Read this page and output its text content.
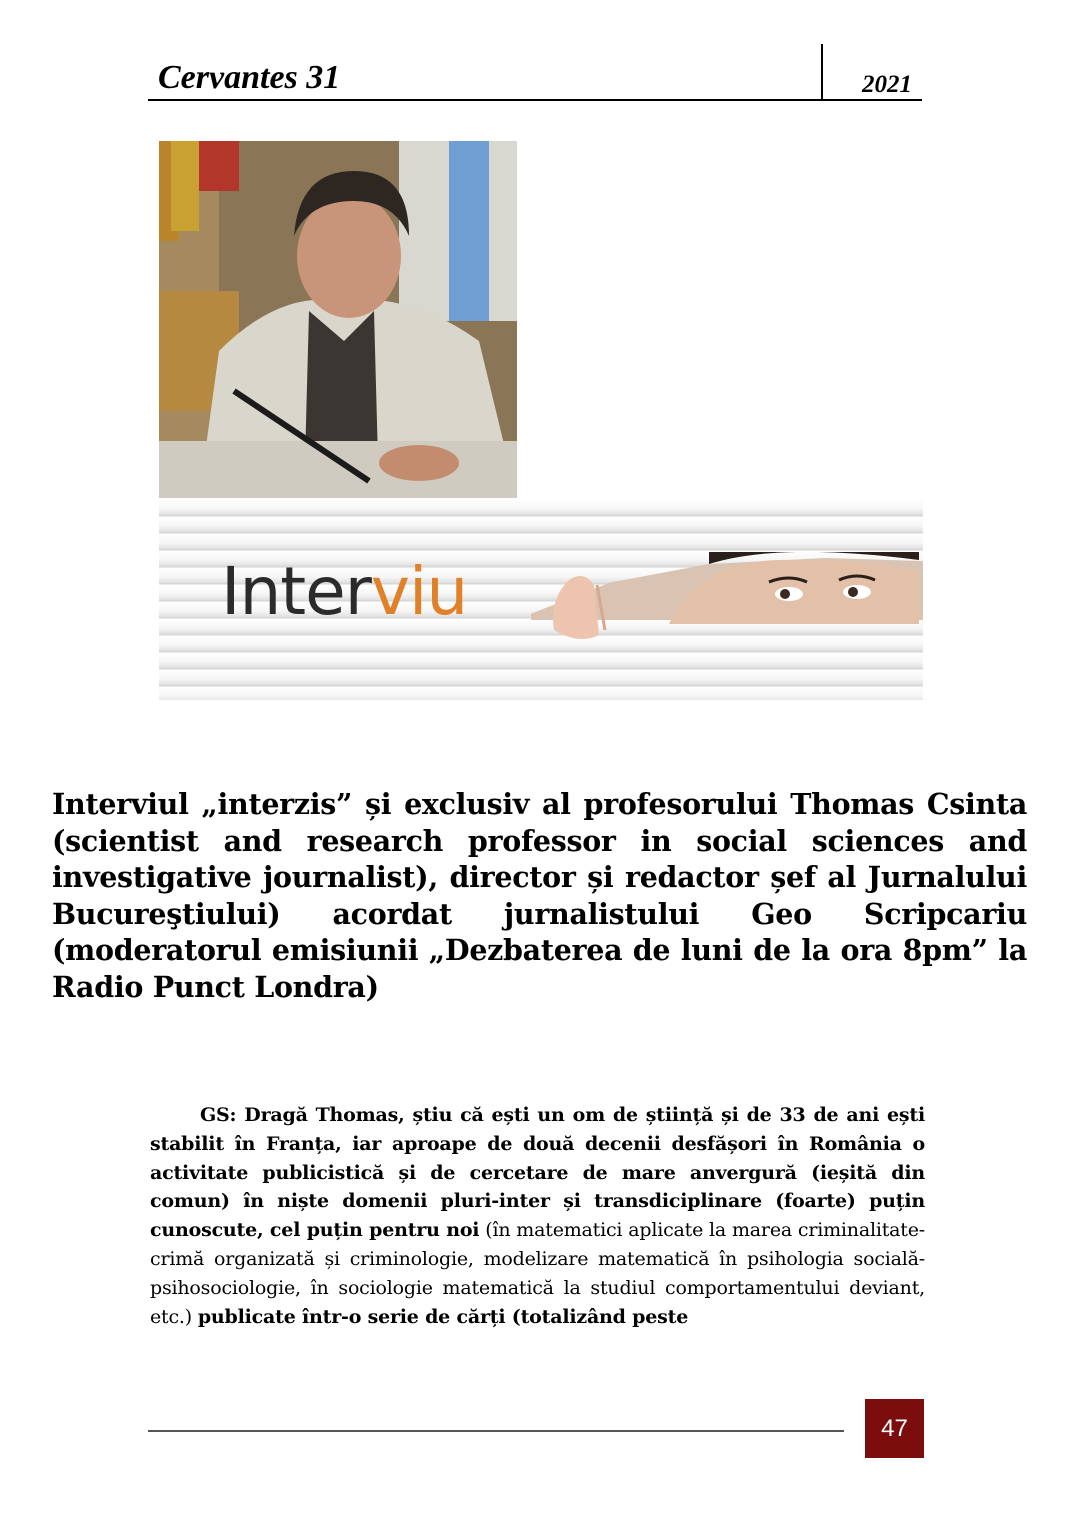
Cervantes 31	2021
Interviu
Interviul „interzis” și exclusiv al profesorului Thomas Csinta (scientist and research professor in social sciences and investigative journalist), director și redactor șef al Jurnalului Bucureştiului) acordat jurnalistului Geo Scripcariu (moderatorul emisiunii „Dezbaterea de luni de la ora 8pm” la Radio Punct Londra)

GS: Dragă Thomas, știu că ești un om de știință și de 33 de ani ești stabilit în Franța, iar aproape de două decenii desfășori în România o activitate publicistică și de cercetare de mare anvergură (ieșită din comun) în niște domenii pluri-inter și transdiciplinare (foarte) puțin cunoscute, cel puțin pentru noi (în matematici aplicate la marea criminalitate-crimă organizată și criminologie, modelizare matematică în psihologia socială-psihosociologie, în sociologie matematică la studiul comportamentului deviant, etc.) publicate într-o serie de cărți (totalizând peste

47
